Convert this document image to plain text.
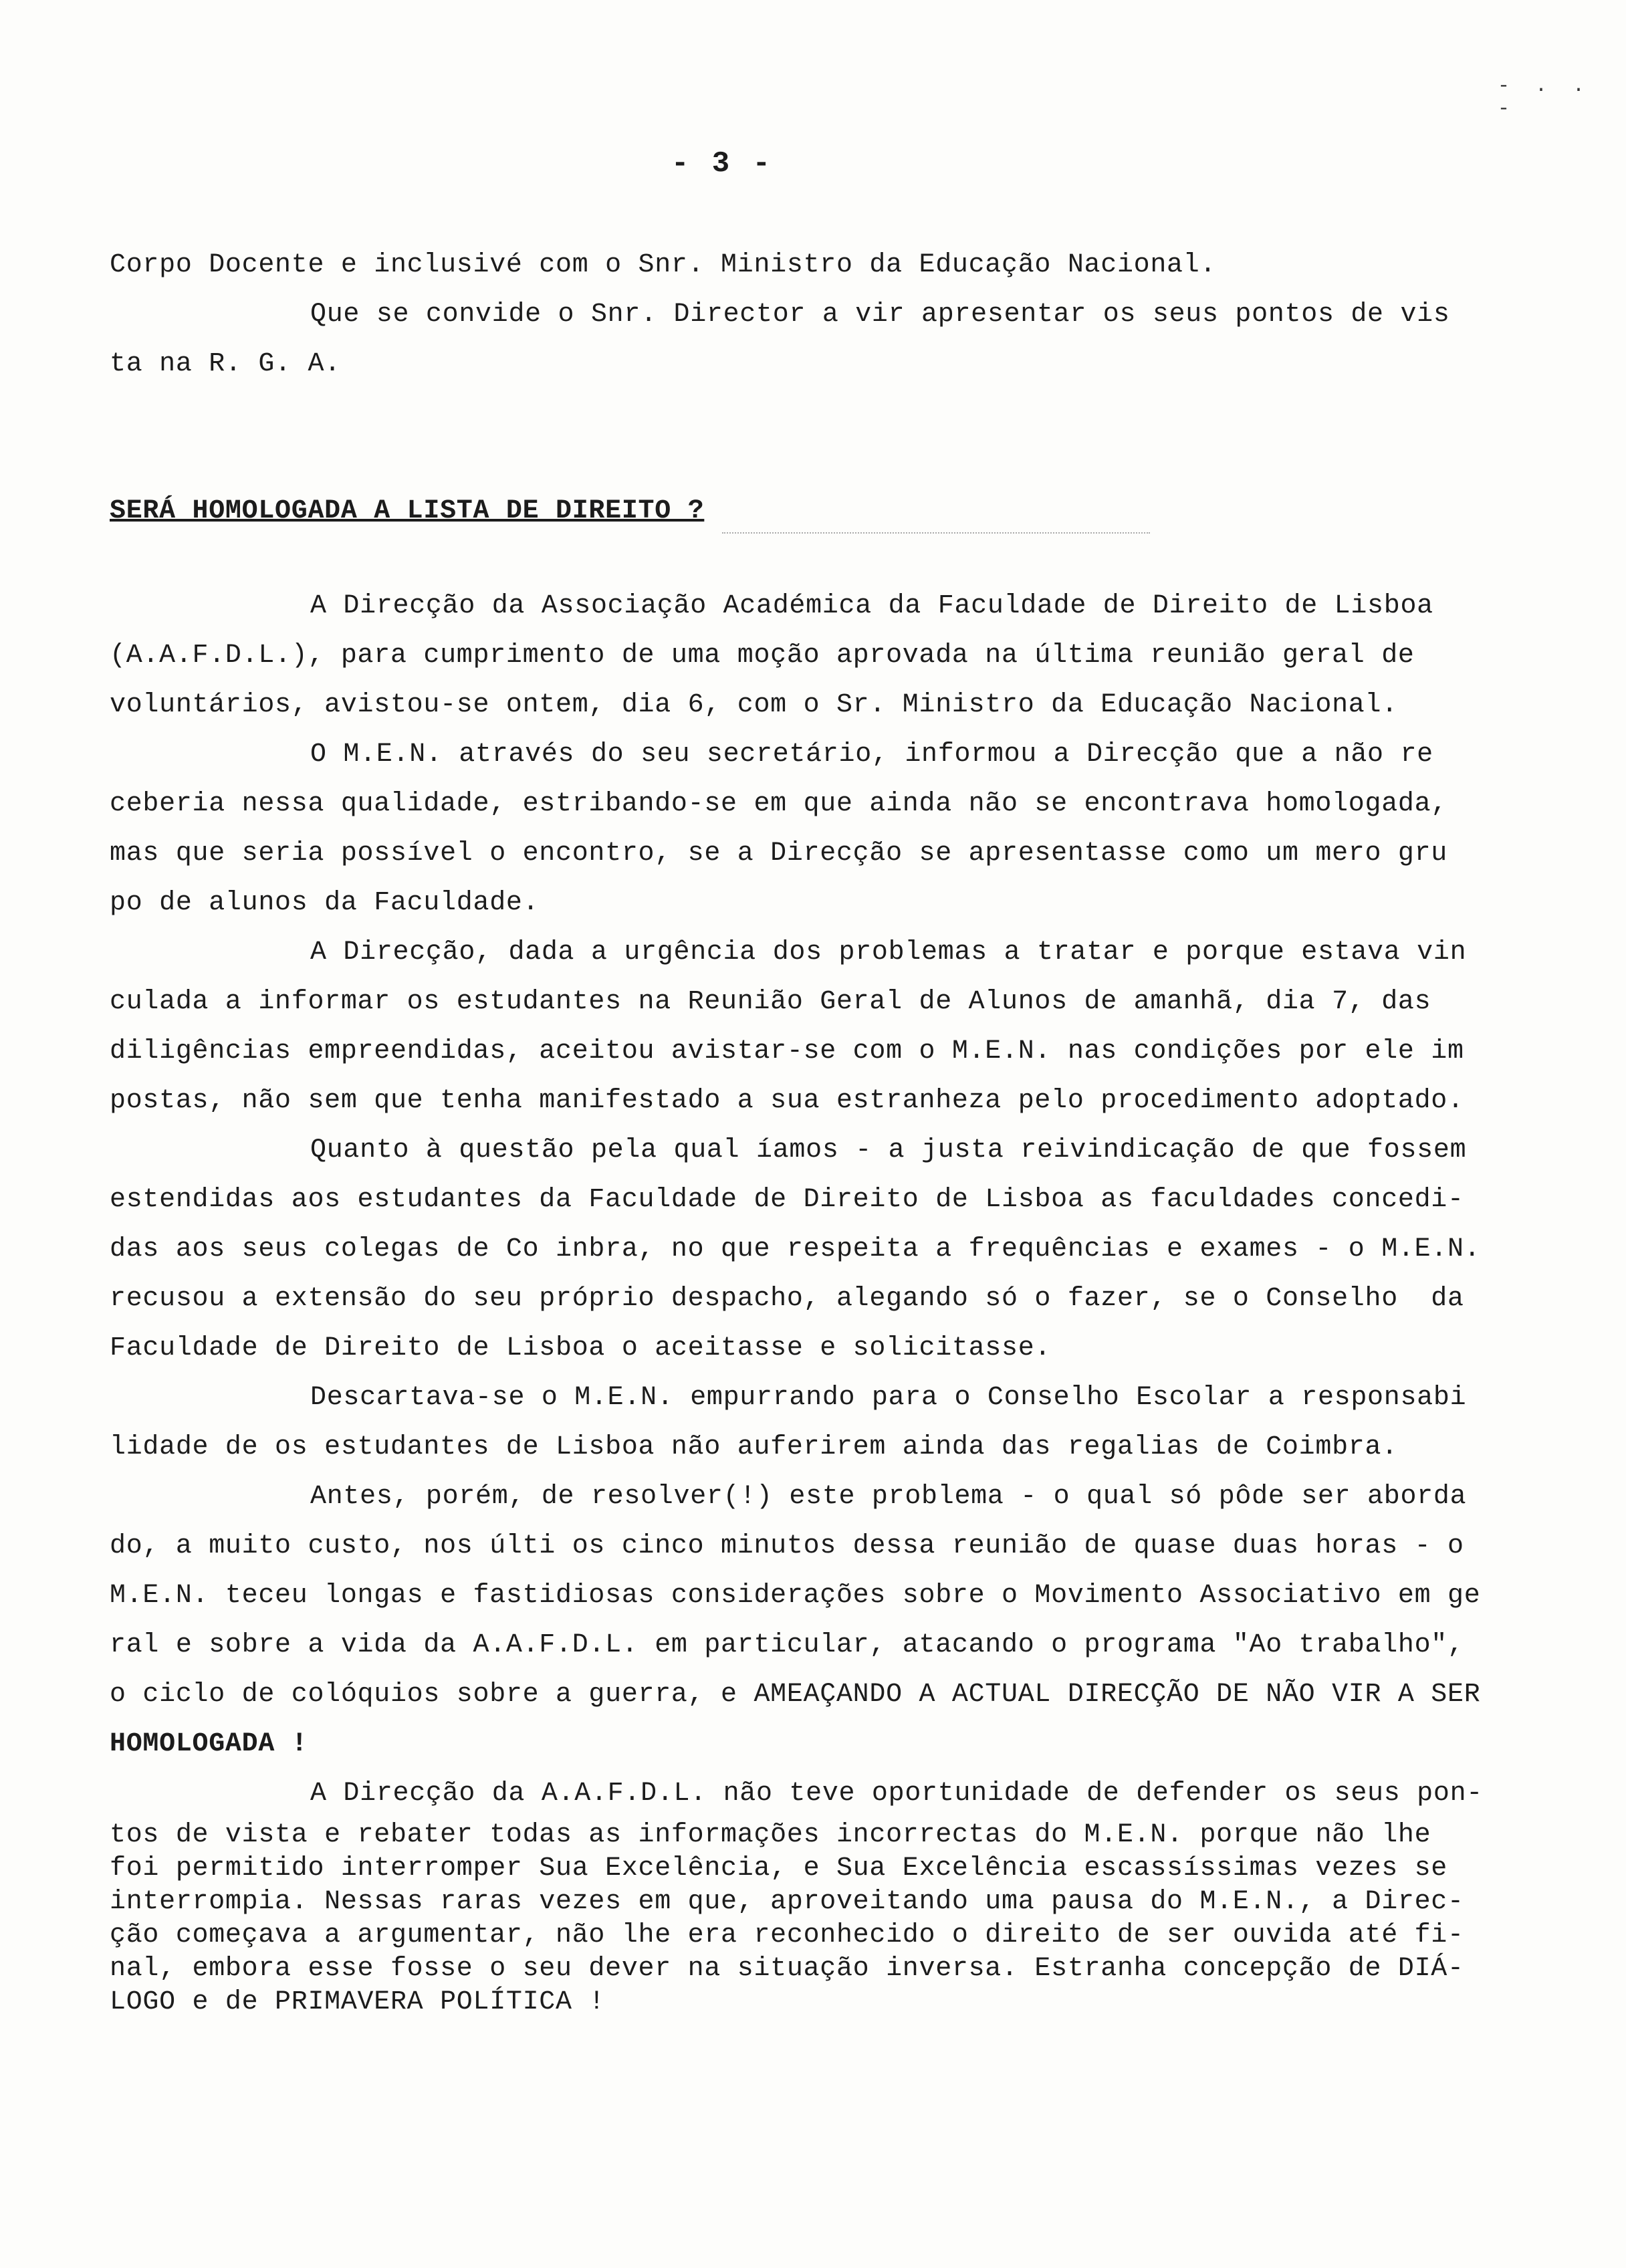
- . . -
- 3 -
Corpo Docente e inclusivé com o Snr. Ministro da Educação Nacional.
Que se convide o Snr. Director a vir apresentar os seus pontos de vis
ta na R. G. A.
SERÁ HOMOLOGADA A LISTA DE DIREITO ?
A Direcção da Associação Académica da Faculdade de Direito de Lisboa
(A.A.F.D.L.), para cumprimento de uma moção aprovada na última reunião geral de
voluntários, avistou-se ontem, dia 6, com o Sr. Ministro da Educação Nacional.
O M.E.N. através do seu secretário, informou a Direcção que a não re
ceberia nessa qualidade, estribando-se em que ainda não se encontrava homologada,
mas que seria possível o encontro, se a Direcção se apresentasse como um mero gru
po de alunos da Faculdade.
A Direcção, dada a urgência dos problemas a tratar e porque estava vin
culada a informar os estudantes na Reunião Geral de Alunos de amanhã, dia 7, das
diligências empreendidas, aceitou avistar-se com o M.E.N. nas condições por ele im
postas, não sem que tenha manifestado a sua estranheza pelo procedimento adoptado.
Quanto à questão pela qual íamos - a justa reivindicação de que fossem
estendidas aos estudantes da Faculdade de Direito de Lisboa as faculdades concedi-
das aos seus colegas de Co inbra, no que respeita a frequências e exames - o M.E.N.
recusou a extensão do seu próprio despacho, alegando só o fazer, se o Conselho  da
Faculdade de Direito de Lisboa o aceitasse e solicitasse.
Descartava-se o M.E.N. empurrando para o Conselho Escolar a responsabi
lidade de os estudantes de Lisboa não auferirem ainda das regalias de Coimbra.
Antes, porém, de resolver(!) este problema - o qual só pôde ser aborda
do, a muito custo, nos últi os cinco minutos dessa reunião de quase duas horas - o
M.E.N. teceu longas e fastidiosas considerações sobre o Movimento Associativo em ge
ral e sobre a vida da A.A.F.D.L. em particular, atacando o programa "Ao trabalho",
o ciclo de colóquios sobre a guerra, e AMEAÇANDO A ACTUAL DIRECÇÃO DE NÃO VIR A SER
HOMOLOGADA !
A Direcção da A.A.F.D.L. não teve oportunidade de defender os seus pon-
tos de vista e rebater todas as informações incorrectas do M.E.N. porque não lhe
foi permitido interromper Sua Excelência, e Sua Excelência escassíssimas vezes se
interrompia. Nessas raras vezes em que, aproveitando uma pausa do M.E.N., a Direc-
ção começava a argumentar, não lhe era reconhecido o direito de ser ouvida até fi-
nal, embora esse fosse o seu dever na situação inversa. Estranha concepção de DIÁ-
LOGO e de PRIMAVERA POLÍTICA !
